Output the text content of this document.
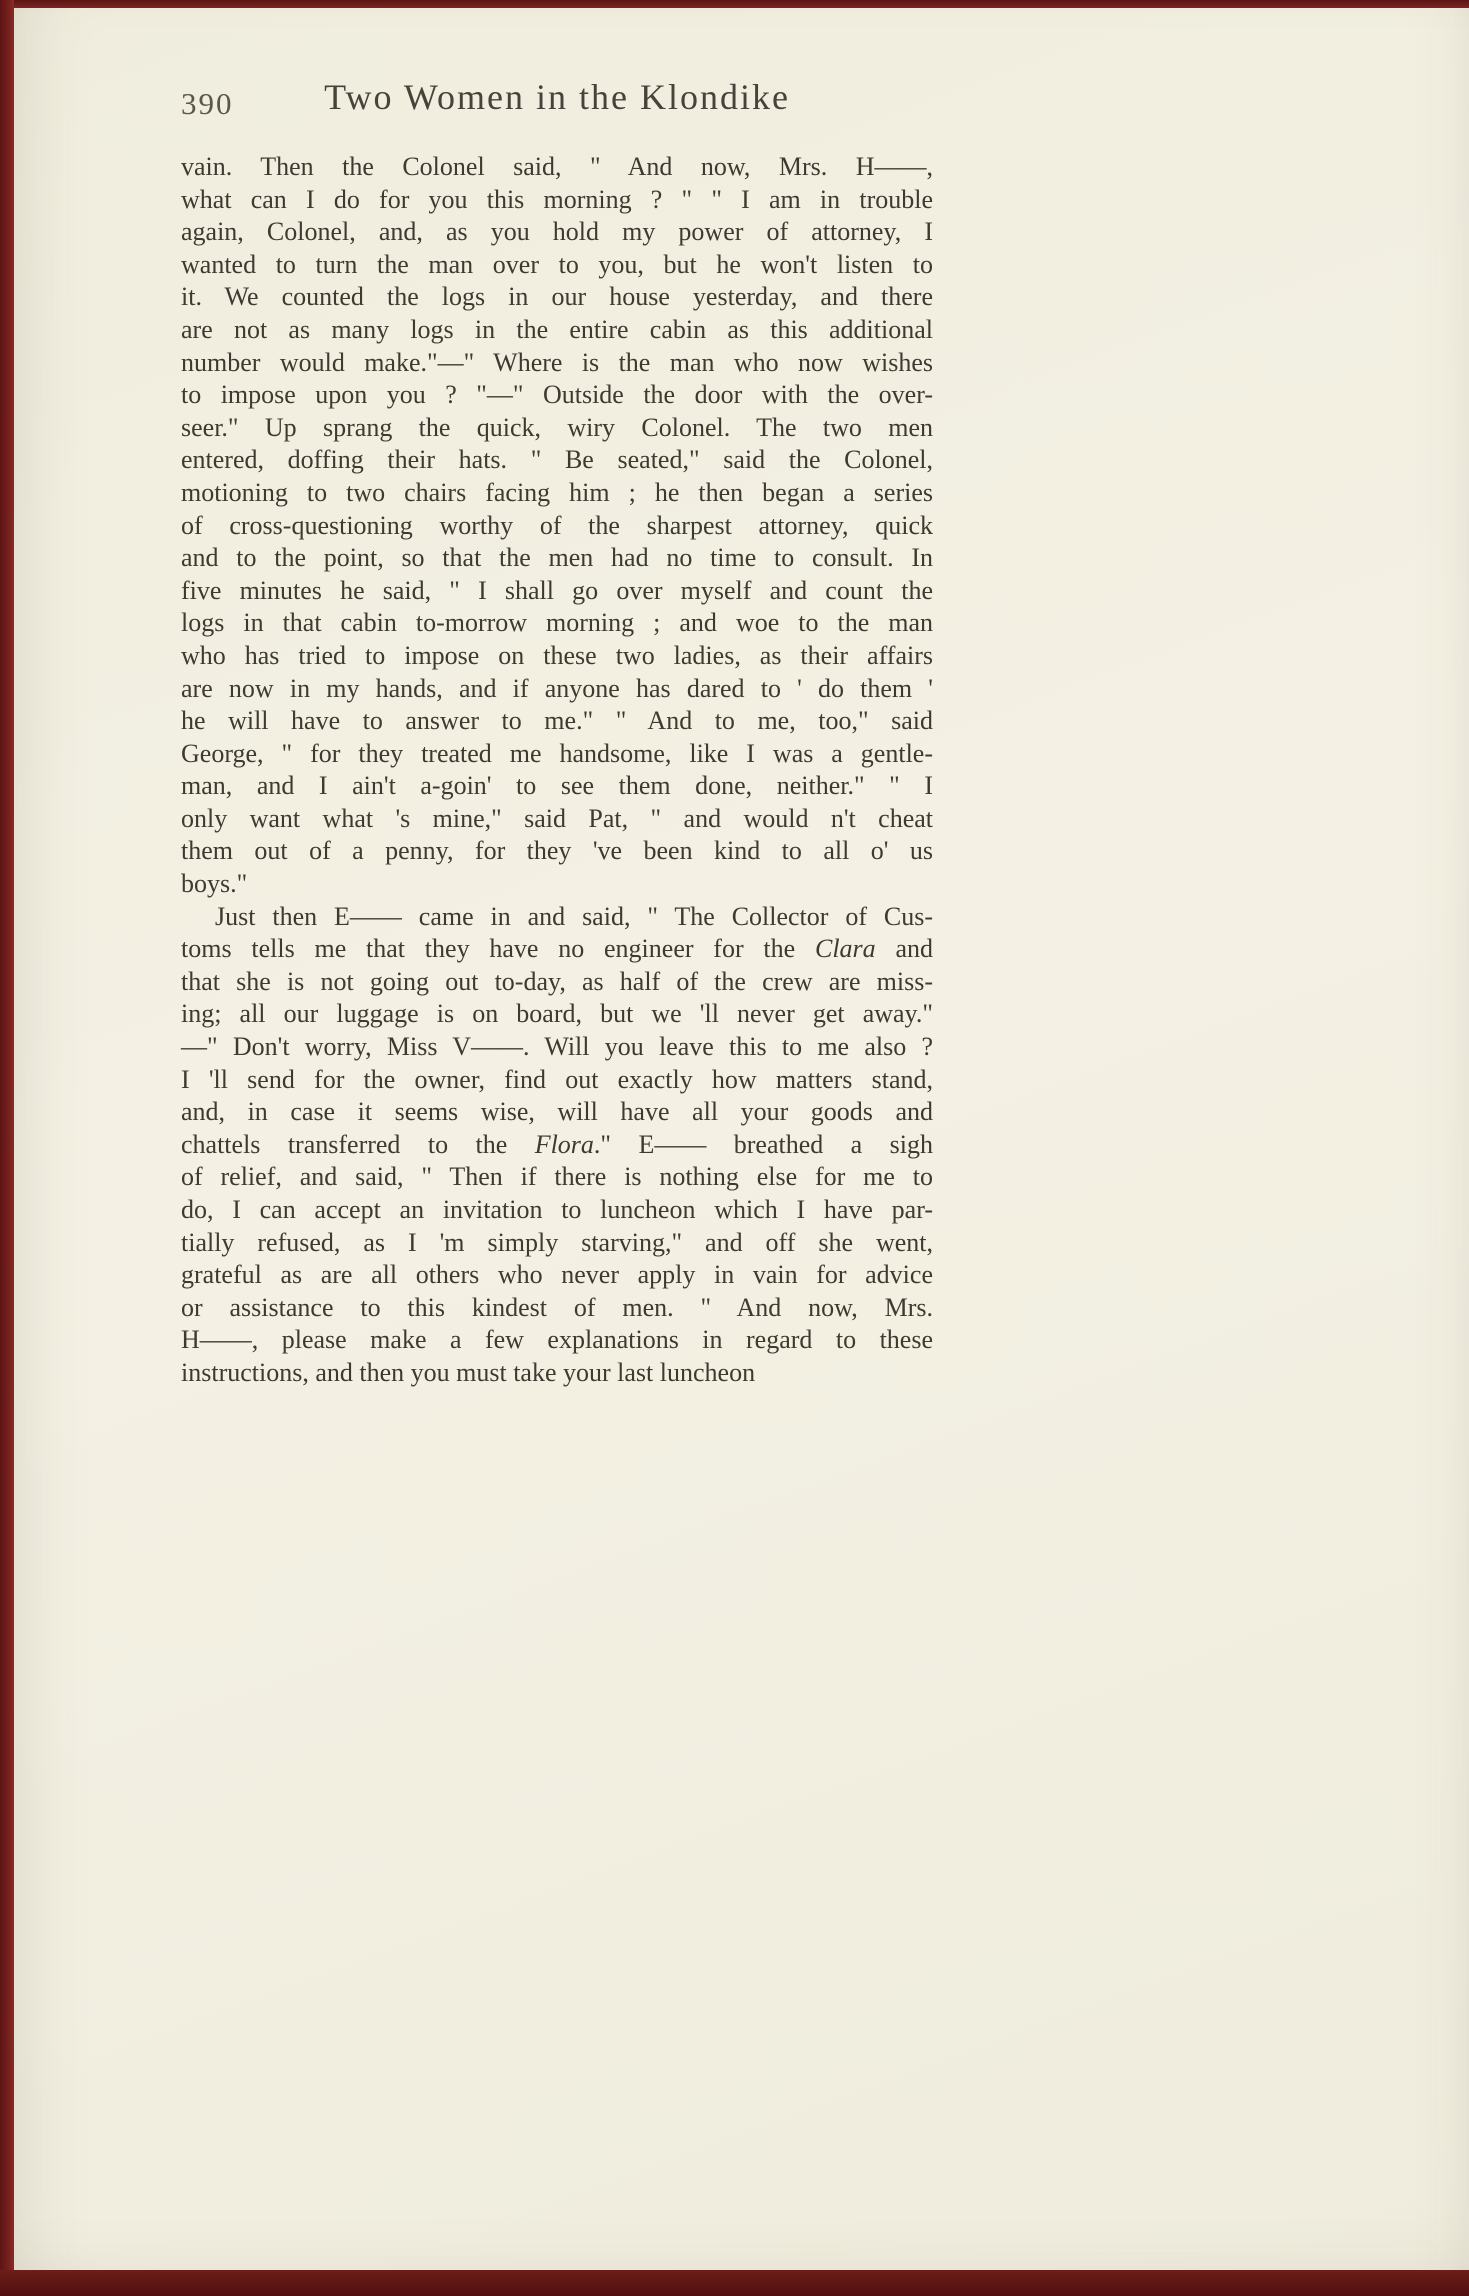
390	Two Women in the Klondike
vain. Then the Colonel said, " And now, Mrs. H——,
what can I do for you this morning ? " " I am in trouble
again, Colonel, and, as you hold my power of attorney, I
wanted to turn the man over to you, but he won't listen to
it. We counted the logs in our house yesterday, and there
are not as many logs in the entire cabin as this additional
number would make."—" Where is the man who now wishes
to impose upon you ? "—" Outside the door with the over-
seer." Up sprang the quick, wiry Colonel. The two men
entered, doffing their hats. " Be seated," said the Colonel,
motioning to two chairs facing him ; he then began a series
of cross-questioning worthy of the sharpest attorney, quick
and to the point, so that the men had no time to consult. In
five minutes he said, " I shall go over myself and count the
logs in that cabin to-morrow morning ; and woe to the man
who has tried to impose on these two ladies, as their affairs
are now in my hands, and if anyone has dared to ' do them '
he will have to answer to me." " And to me, too," said
George, " for they treated me handsome, like I was a gentle-
man, and I ain't a-goin' to see them done, neither." " I
only want what 's mine," said Pat, " and would n't cheat
them out of a penny, for they 've been kind to all o' us
boys."
Just then E—— came in and said, " The Collector of Cus-
toms tells me that they have no engineer for the Clara and
that she is not going out to-day, as half of the crew are miss-
ing; all our luggage is on board, but we 'll never get away."
—" Don't worry, Miss V——. Will you leave this to me also ?
I 'll send for the owner, find out exactly how matters stand,
and, in case it seems wise, will have all your goods and
chattels transferred to the Flora." E—— breathed a sigh
of relief, and said, " Then if there is nothing else for me to
do, I can accept an invitation to luncheon which I have par-
tially refused, as I 'm simply starving," and off she went,
grateful as are all others who never apply in vain for advice
or assistance to this kindest of men. " And now, Mrs.
H——, please make a few explanations in regard to these
instructions, and then you must take your last luncheon
